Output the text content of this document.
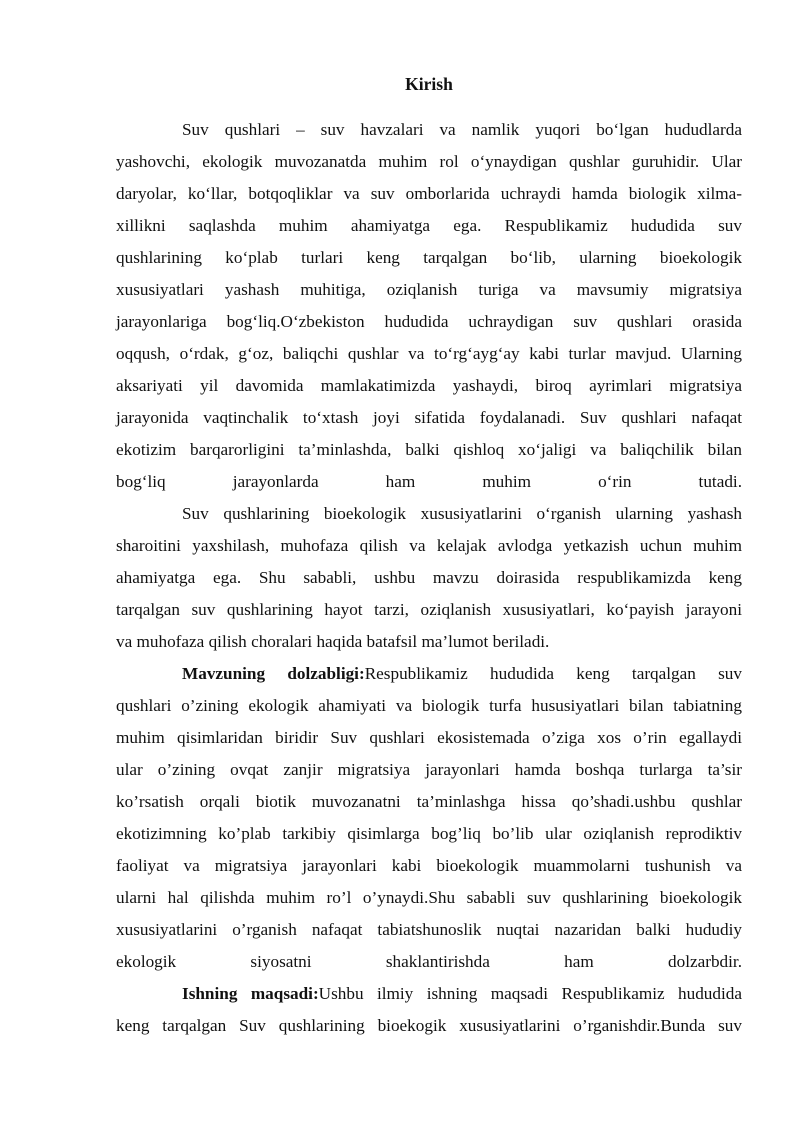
Kirish
Suv qushlari – suv havzalari va namlik yuqori bo‘lgan hududlarda
yashovchi, ekologik muvozanatda muhim rol o‘ynaydigan qushlar guruhidir. Ular
daryolar, ko‘llar, botqoqliklar va suv omborlarida uchraydi hamda biologik xilma-
xillikni saqlashda muhim ahamiyatga ega. Respublikamiz hududida suv
qushlarining ko‘plab turlari keng tarqalgan bo‘lib, ularning bioekologik
xususiyatlari yashash muhitiga, oziqlanish turiga va mavsumiy migratsiya
jarayonlariga bog‘liq.O‘zbekiston hududida uchraydigan suv qushlari orasida
oqqush, o‘rdak, g‘oz, baliqchi qushlar va to‘rg‘ayg‘ay kabi turlar mavjud. Ularning
aksariyati yil davomida mamlakatimizda yashaydi, biroq ayrimlari migratsiya
jarayonida vaqtinchalik to‘xtash joyi sifatida foydalanadi. Suv qushlari nafaqat
ekotizim barqarorligini ta’minlashda, balki qishloq xo‘jaligi va baliqchilik bilan
bog‘liq jarayonlarda ham muhim o‘rin tutadi.
Suv qushlarining bioekologik xususiyatlarini o‘rganish ularning yashash
sharoitini yaxshilash, muhofaza qilish va kelajak avlodga yetkazish uchun muhim
ahamiyatga ega. Shu sababli, ushbu mavzu doirasida respublikamizda keng
tarqalgan suv qushlarining hayot tarzi, oziqlanish xususiyatlari, ko‘payish jarayoni
va muhofaza qilish choralari haqida batafsil ma’lumot beriladi.
Mavzuning dolzabligi:Respublikamiz hududida keng tarqalgan suv
qushlari o’zining ekologik ahamiyati va biologik turfa hususiyatlari bilan tabiatning
muhim qisimlaridan biridir Suv qushlari ekosistemada o’ziga xos o’rin egallaydi
ular o’zining ovqat zanjir migratsiya jarayonlari hamda boshqa turlarga ta’sir
ko’rsatish orqali biotik muvozanatni ta’minlashga hissa qo’shadi.ushbu qushlar
ekotizimning ko’plab tarkibiy qisimlarga bog’liq bo’lib ular oziqlanish reprodiktiv
faoliyat va migratsiya jarayonlari kabi bioekologik muammolarni tushunish va
ularni hal qilishda muhim ro’l o’ynaydi.Shu sababli suv qushlarining bioekologik
xususiyatlarini o’rganish nafaqat tabiatshunoslik nuqtai nazaridan balki hududiy
ekologik siyosatni shaklantirishda ham dolzarbdir.
Ishning maqsadi:Ushbu ilmiy ishning maqsadi Respublikamiz hududida
keng tarqalgan Suv qushlarining bioekogik xususiyatlarini o’rganishdir.Bunda suv
